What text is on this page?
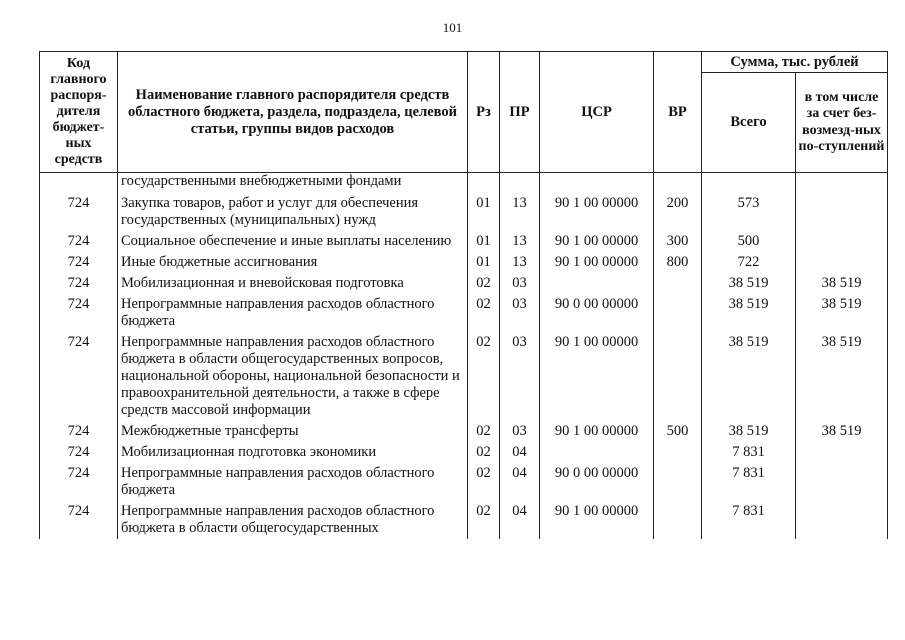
101
Код главного распоря-дителя бюджет-ных средств	Наименование главного распорядителя средств областного бюджета, раздела, подраздела, целевой статьи, группы видов расходов	Рз	ПР	ЦСР	ВР	Сумма, тыс. рублей	
						Всего	в том числе за счет без-возмезд-ных по-ступлений
	государственными внебюджетными фондами						
724	Закупка товаров, работ и услуг для обеспечения государственных (муниципальных) нужд	01	13	90 1 00 00000	200	573	
724	Социальное обеспечение и иные выплаты населению	01	13	90 1 00 00000	300	500	
724	Иные бюджетные ассигнования	01	13	90 1 00 00000	800	722	
724	Мобилизационная и вневойсковая подготовка	02	03			38 519	38 519
724	Непрограммные направления расходов областного бюджета	02	03	90 0 00 00000		38 519	38 519
724	Непрограммные направления расходов областного бюджета в области общегосударственных вопросов, национальной обороны, национальной безопасности и правоохранительной деятельности, а также в сфере средств массовой информации	02	03	90 1 00 00000		38 519	38 519
724	Межбюджетные трансферты	02	03	90 1 00 00000	500	38 519	38 519
724	Мобилизационная подготовка экономики	02	04			7 831	
724	Непрограммные направления расходов областного бюджета	02	04	90 0 00 00000		7 831	
724	Непрограммные направления расходов областного бюджета в области общегосударственных	02	04	90 1 00 00000		7 831	
